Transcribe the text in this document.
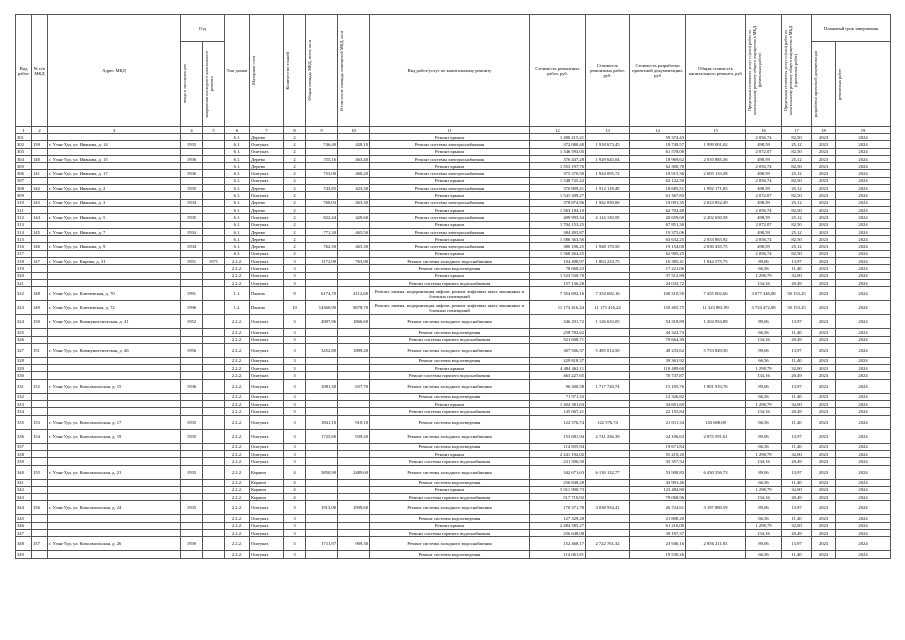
Вид работ	№ п/п МКД	Адрес МКД	Год		Тип домов	Материал стен	Количество этажей	Общая площадь МКД, всего, кв.м	В том числе площадь помещений МКД, кв.м	Вид работ/услуг по капитальному ремонту	Стоимость ремонтных работ, руб.	Стоимость ремонтных работ, руб.	Стоимость разработки проектной документации, руб	Общая стоимость капитального ремонта, руб	Предельная стоимость услуг и (или) работ по капитальному ремонту общего имущества в МКД (ремонтных работ)	Предельная стоимость услуг и (или) работ по капитальному ремонту общего имущества в МКД (проектных работ)	Плановый срок завершения	

			ввода в эксплуатацию	завершения последнего капитального ремонта													разработки проектной документации	ремонтных работ

1	2	3	4	5	6	7	8	9	10	11	12	13	14	15	16	17	18	19
301					6.1.	Дерево	2			Ремонт крыши	1 480 215,21		59 374,43		2 056,74	82,50	2023	2024
302	139	г. Улан-Удэ, ул. Иванова, д. 14	1935		6.1.	Оштукат.	2	746,40	428,10	Ремонт системы электроснабжения	372 080,40	1 918 673,45	18 749,57	1 999 001,02	498,59	25,12	2023	2024
303					6.1.	Оштукат.	2			Ремонт крыши	1 546 593,05		61 578,00		2 072,07	82,50	2023	2024
304	140	г. Улан-Удэ, ул. Иванова, д. 15	1936		6.1.	Дерево	2	755,16	463,40	Ремонт системы электроснабжения	376 447,28	1 929 645,04	18 969,62	2 010 885,36	498,59	25,12	2023	2024
305					6.1.	Дерево	2			Ремонт крыши	1 553 197,76		62 300,70		2 056,74	82,50	2023	2024
306	141	г. Улан-Удэ, ул. Иванова, д. 17	1936		6.1.	Оштукат.	2	753,00	460,20	Ремонт системы электроснабжения	375 370,50	1 924 095,72	18 915,36	2 005 133,58	498,59	25,12	2023	2024
307					6.1.	Оштукат.	2			Ремонт крыши	1 548 725,22		62 122,50		2 056,74	82,50	2023	2024
308	142	г. Улан-Удэ, ул. Иванова, д. 2	1935		6.1.	Дерево	2	743,85	423,30	Ремонт системы электроснабжения	370 809,21	1 912 118,49	18 685,51	1 992 171,83	498,59	25,12	2023	2024
309					6.1.	Оштукат.	2			Ремонт крыши	1 541 309,27		61 367,83		2 072,07	82,50	2023	2024
310	143	г. Улан-Удэ, ул. Иванова, д. 3	1934		6.1.	Дерево	2	760,03	463,30	Ремонт системы электроснабжения	378 874,96	1 942 050,06	19 091,35	2 023 852,49	498,59	25,12	2023	2024
311					6.1.	Дерево	2			Ремонт крыши	1 563 184,10		62 702,48		2 056,74	82,50	2023	2024
312	144	г. Улан-Удэ, ул. Иванова, д. 5	1935		6.1.	Оштукат.	2	822,44	429,60	Ремонт системы электроснабжения	409 993,34	2 114 130,59	20 659,69	2 202 650,58	498,59	25,12	2023	2024
313					6.1.	Оштукат.	2			Ремонт крыши	1 704 153,25		67 851,30		2 072,07	82,50	2023	2024
314	145	г. Улан-Удэ, ул. Иванова, д. 7	1934		6.1.	Дерево	2	771,30	465,50	Ремонт системы электроснабжения	384 493,87		19 375,06		498,59	25,12	2023	2024
315					6.1.	Дерево	2			Ремонт крыши	1 586 363,56		63 632,25	2 053 865,92	2 056,74	82,50	2023	2024
316	146	г. Улан-Удэ, ул. Иванова, д. 9	1934		6.1.	Дерево	2	762,50	465,30	Ремонт системы электроснабжения	380 106,25	1 948 170,50	19 154,00	2 030 435,75	498,59	25,12	2023	2024
317					6.1.	Оштукат.	2			Ремонт крыши	1 568 264,25		62 905,25		2 056,74	82,50	2023	2024
318	147	г. Улан-Удэ, ул. Кирова, д. 31	1951	1971	2.2.2.	Оштукат.	3	1172,90	763,90	Ремонт системы холодного водоснабжения	104 498,97	1 863 233,75	16 385,41	1 944 575,75	89,06	13,97	2023	2024
319					2.2.2.	Оштукат.	3			Ремонт системы водоотведения	78 068,23		17 221,06		66,56	11,40	2023	2024
320					2.2.2.	Оштукат.	3			Ремонт крыши	1 523 530,70		37 512,80		1 298,79	32,00	2023	2024
321					2.2.2.	Оштукат.	3			Ремонт системы горячего водоснабжения	157 136,28		24 032,72		134,16	20,49	2023	2024
322	148	г. Улан-Удэ, ул. Ключевская, д. 70	1991		1.1.	Панель	9	6174,70	4112,60	Ремонт, замена, модернизация лифтов, ремонт лифтовых шахт, машинных и блочных помещений	7 354 692,16	7 354 692,16	100 310,50	7 455 002,66	3 677 346,08	50 153,25	2023	2024
323	149	г. Улан-Удэ, ул. Ключевская, д. 72	1996		1.2.	Панель	10	14360,90	9678,70	Ремонт, замена, модернизация лифтов, ремонт лифтовых шахт, машинных и блочных помещений	11 173 416,24	11 173 416,24	150 465,75	11 323 881,99	3 724 472,08	50 153,25	2023	2024
324	150	г. Улан-Удэ, ул. Коммунистическая, д. 41	1952		2.2.2.	Оштукат.	3	2097,96	1866,60	Ремонт системы холодного водоснабжения	346 291,72	1 126 633,05	54 318,89	1 204 954,89	89,06	13,97	2023	2024
325					2.2.2.	Оштукат.	3			Ремонт системы водоотведения	258 782,62		44 322,74		66,56	11,40	2023	2024
326					2.2.2.	Оштукат.	3			Ремонт системы горячего водоснабжения	521 608,71		79 664,30		134,16	20,49	2023	2024
327	151	г. Улан-Удэ, ул. Коммунистическая, д. 46	1956		2.2.2.	Оштукат.	3	3452,80	1889,20	Ремонт системы холодного водоснабжения	307 506,37	5 485 014,50	48 233,62	5 753 849,50	89,06	13,97	2023	2024
328					2.2.2.	Оштукат.	3			Ремонт системы водоотведения	229 818,37		39 361,92		66,56	11,40	2023	2024
329					2.2.2.	Оштукат.	3			Ремонт крыши	4 484 462,11		110 489,60		1 298,79	32,00	2023	2024
330					2.2.2.	Оштукат.	3			Ремонт системы горячего водоснабжения	463 227,65		70 747,87		134,16	20,49	2023	2024
331	152	г. Улан-Удэ, ул. Комсомольская, д. 15	1936		2.2.2.	Оштукат.	3	1081,30	657,70	Ремонт системы холодного водоснабжения	96 300,58	1 717 720,74	15 105,76	1 801 910,76	89,06	13,97	2023	2024
332					2.2.2.	Оштукат.	3			Ремонт системы водоотведения	71 971,33		12 326,82		66,56	11,40	2023	2024
333					2.2.2.	Оштукат.	3			Ремонт крыши	1 404 381,63		34 601,60		1 298,79	32,00	2023	2024
334					2.2.2.	Оштукат.	3			Ремонт системы горячего водоснабжения	145 067,21		22 155,84		134,16	20,49	2023	2024
335	153	г. Улан-Удэ, ул. Комсомольская, д. 17	1935		2.2.2.	Оштукат.	3	1841,10	910,10	Ремонт системы водоотведения	122 576,74	122 576,74	21 011,34	143 688,08	66,56	11,40	2023	2024
336	154	г. Улан-Удэ, ул. Комсомольская, д. 19	1935		2.2.2.	Оштукат.	3	1725,60	939,20	Ремонт системы холодного водоснабжения	153 681,94	2 741 236,39	24 106,63	2 875 591,61	89,06	13,97	2023	2024
337					2.2.2.	Оштукат.	3			Ремонт системы водоотведения	114 855,94		19 671,84		66,56	11,40	2023	2024
338					2.2.2.	Оштукат.	3			Ремонт крыши	2 241 192,02		55 219,20		1 298,79	32,00	2023	2024
339					2.2.2.	Оштукат.	3			Ремонт системы горячего водоснабжения	231 506,50		35 357,54		134,16	20,49	2023	2024
340	155	г. Улан-Удэ, ул. Комсомольская, д. 21	1935		2.2.2.	Кирпич	4	3850,90	2489,60	Ремонт системы холодного водоснабжения	342 671,63	6 130 132,77	53 908,83	6 430 556,73	89,06	13,97	2023	2024
341					2.2.2.	Кирпич	4			Ремонт системы водоотведения	256 848,28		43 991,46		66,56	11,40	2023	2024
342					2.2.2.	Кирпич	4			Ремонт крыши	5 011 900,73		123 484,80		1 298,79	32,00	2023	2024
343					2.2.2.	Кирпич	4			Ремонт системы горячего водоснабжения	517 710,92		79 068,96		134,16	20,49	2023	2024
344	156	г. Улан-Удэ, ул. Комсомольская, д. 24	1935		2.2.2.	Оштукат.	3	1913,00	1099,60	Ремонт системы холодного водоснабжения	170 371,78	3 038 934,41	26 724,61	3 187 880,59	89,06	13,97	2023	2024
345					2.2.2.	Оштукат.	3			Ремонт системы водоотведения	127 329,28		21 808,20		66,56	11,40	2023	2024
346					2.2.2.	Оштукат.	3			Ремонт крыши	2 484 585,27		61 216,00		1 298,79	32,00	2023	2024
347					2.2.2.	Оштукат.	3			Ремонт системы горячего водоснабжения	256 648,08		39 197,37		134,16	20,49	2023	2024
348	157	г. Улан-Удэ, ул. Комсомольская, д. 26	1939		2.2.2.	Оштукат.	3	1711,97	909,30	Ремонт системы холодного водоснабжения	152 468,17	2 722 761,32	23 946,16	2 856 211,03	89,06	13,97	2023	2024
349					2.2.2.	Оштукат.	3			Ремонт системы водоотведения	114 061,81		19 530,26		66,56	11,40	2023	2024
